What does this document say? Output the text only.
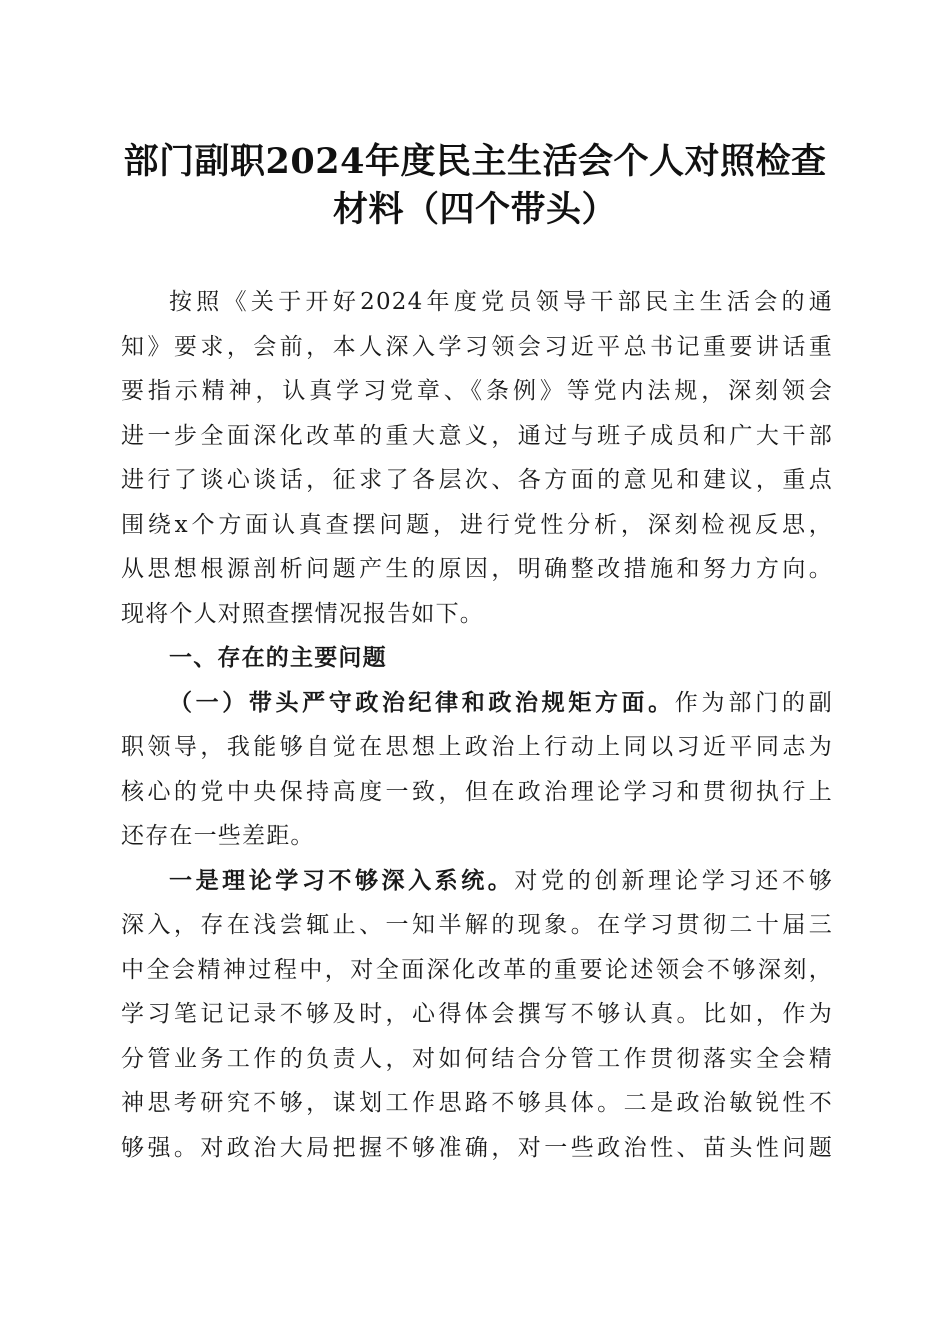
部门副职2024年度民主生活会个人对照检查
材料（四个带头）
按照《关于开好2024年度党员领导干部民主生活会的通
知》要求，会前，本人深入学习领会习近平总书记重要讲话重
要指示精神，认真学习党章、《条例》等党内法规，深刻领会
进一步全面深化改革的重大意义，通过与班子成员和广大干部
进行了谈心谈话，征求了各层次、各方面的意见和建议，重点
围绕x个方面认真查摆问题，进行党性分析，深刻检视反思，
从思想根源剖析问题产生的原因，明确整改措施和努力方向。
现将个人对照查摆情况报告如下。
一、存在的主要问题
（一）带头严守政治纪律和政治规矩方面。作为部门的副
职领导，我能够自觉在思想上政治上行动上同以习近平同志为
核心的党中央保持高度一致，但在政治理论学习和贯彻执行上
还存在一些差距。
一是理论学习不够深入系统。对党的创新理论学习还不够
深入，存在浅尝辄止、一知半解的现象。在学习贯彻二十届三
中全会精神过程中，对全面深化改革的重要论述领会不够深刻，
学习笔记记录不够及时，心得体会撰写不够认真。比如，作为
分管业务工作的负责人，对如何结合分管工作贯彻落实全会精
神思考研究不够，谋划工作思路不够具体。二是政治敏锐性不
够强。对政治大局把握不够准确，对一些政治性、苗头性问题
